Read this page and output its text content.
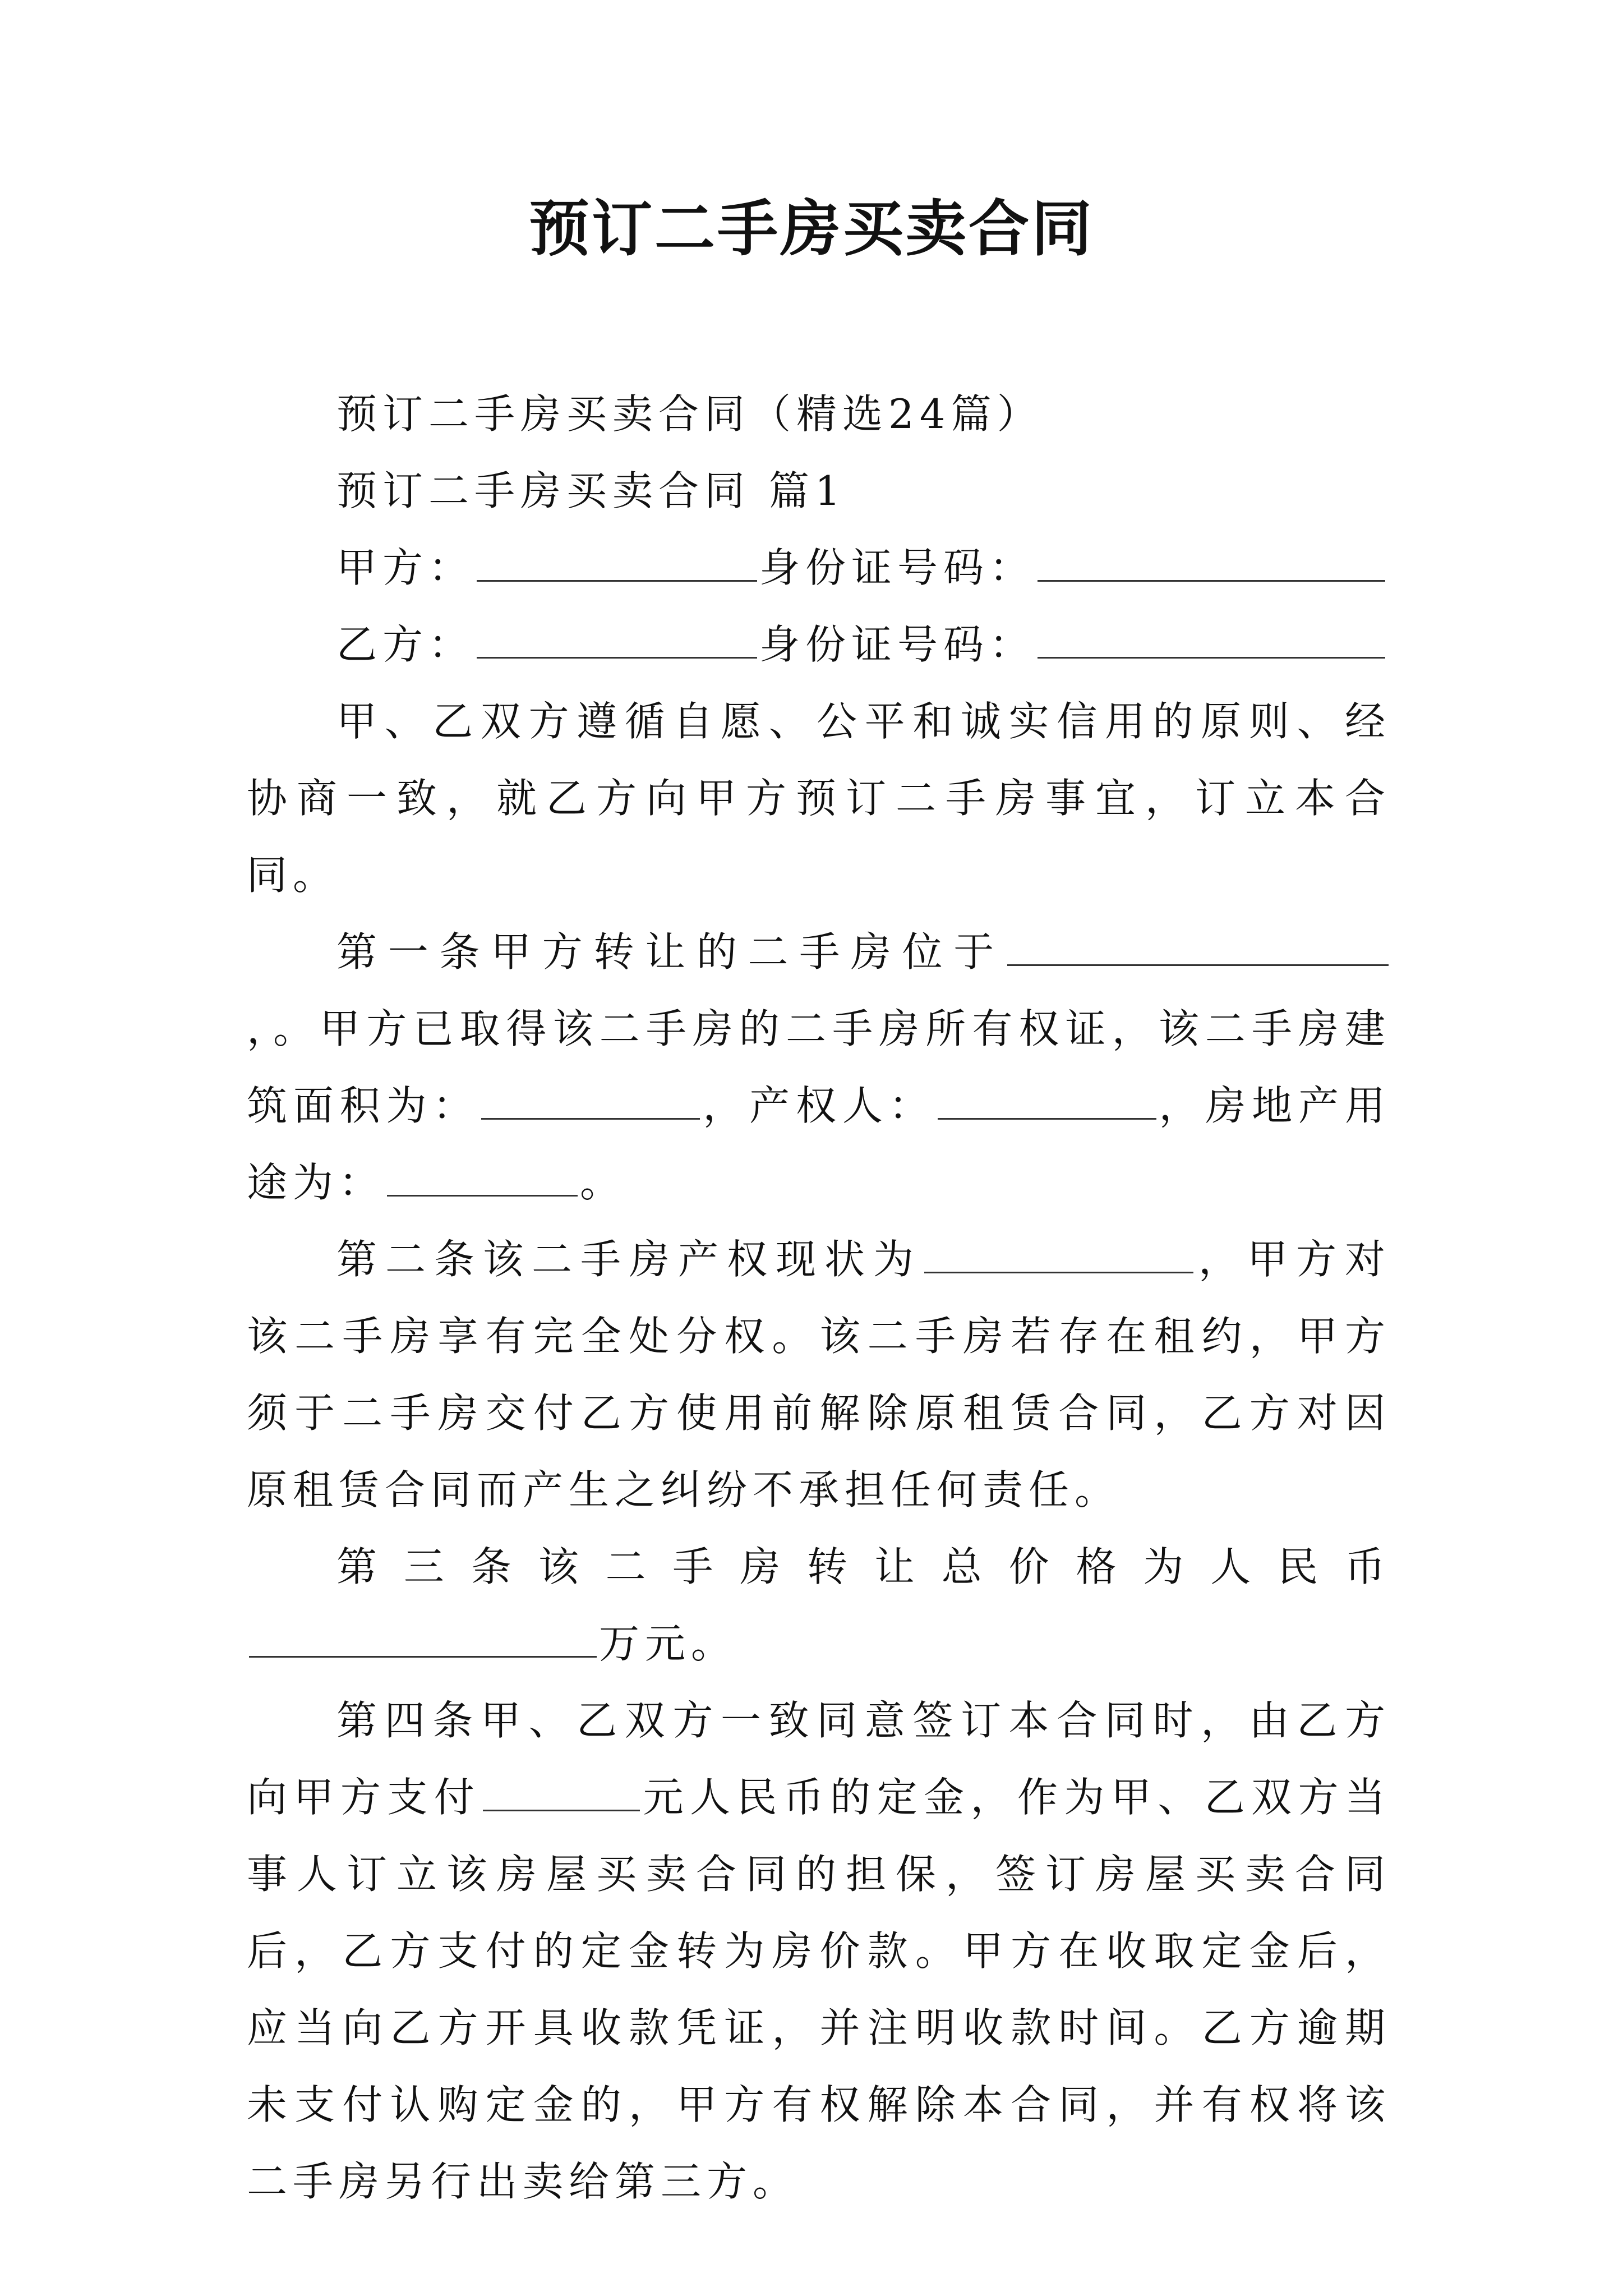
预订二手房买卖合同

预订二手房买卖合同（精选24篇）

预订二手房买卖合同 篇1

甲方：	身份证号码：

乙方：	身份证号码：

甲、乙双方遵循自愿、公平和诚实信用的原则、经协商一致，就乙方向甲方预订二手房事宜，订立本合同。

第一条甲方转让的二手房位于，。甲方已取得该二手房的二手房所有权证，该二手房建筑面积为：	，产权人：	，房地产用途为：	。

第二条该二手房产权现状为	，甲方对该二手房享有完全处分权。该二手房若存在租约，甲方须于二手房交付乙方使用前解除原租赁合同，乙方对因原租赁合同而产生之纠纷不承担任何责任。

第三条该二手房转让总价格为人民币万元。

第四条甲、乙双方一致同意签订本合同时，由乙方向甲方支付	元人民币的定金，作为甲、乙双方当事人订立该房屋买卖合同的担保，签订房屋买卖合同后，乙方支付的定金转为房价款。甲方在收取定金后，应当向乙方开具收款凭证，并注明收款时间。乙方逾期未支付认购定金的，甲方有权解除本合同，并有权将该二手房另行出卖给第三方。
